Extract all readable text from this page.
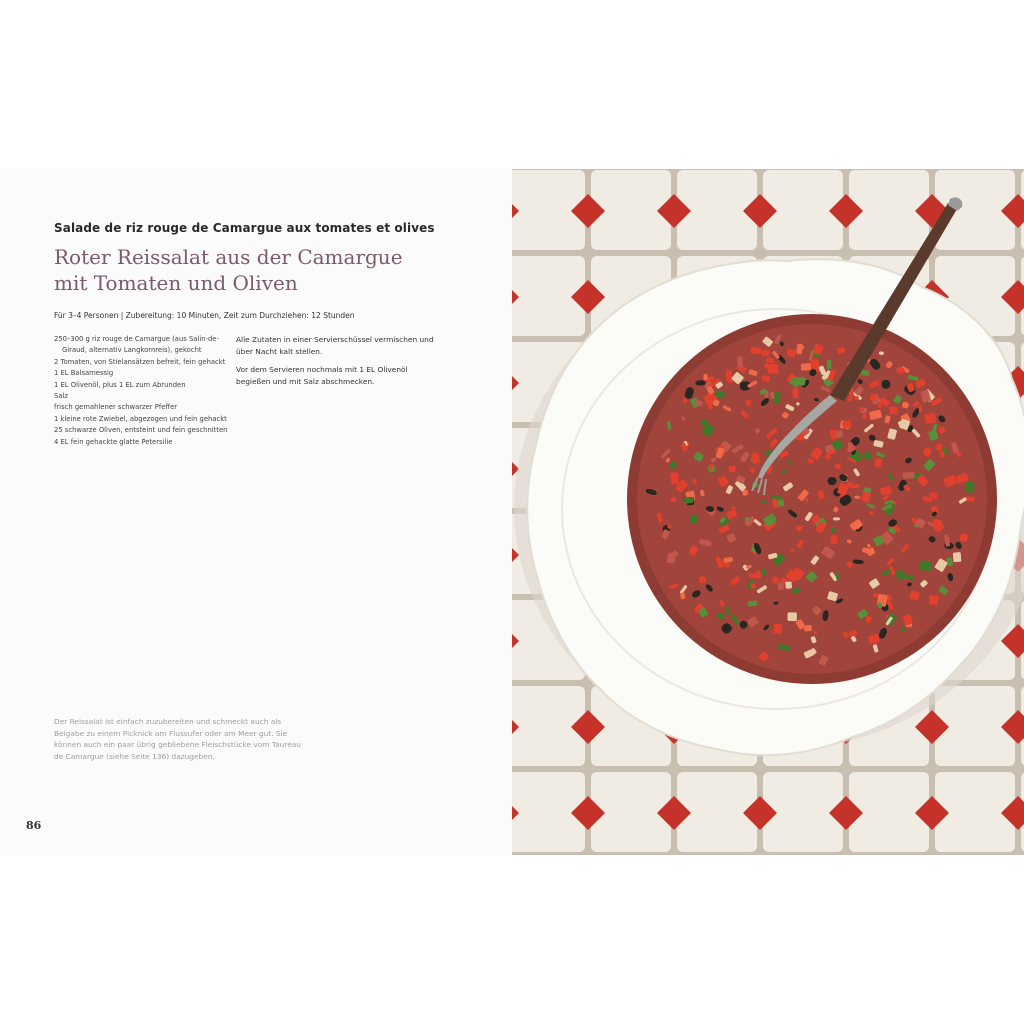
Salade de riz rouge de Camargue aux tomates et olives
Roter Reissalat aus der Camargue
mit Tomaten und Oliven
Für 3–4 Personen | Zubereitung: 10 Minuten, Zeit zum Durchziehen: 12 Stunden
250–300 g riz rouge de Camargue (aus Salin-de-
Giraud, alternativ Langkornreis), gekocht
2 Tomaten, von Stielansätzen befreit, fein gehackt
1 EL Balsamessig
1 EL Olivenöl, plus 1 EL zum Abrunden
Salz
frisch gemahlener schwarzer Pfeffer
1 kleine rote Zwiebel, abgezogen und fein gehackt
25 schwarze Oliven, entsteint und fein geschnitten
4 EL fein gehackte glatte Petersilie

Alle Zutaten in einer Servierschüssel vermischen und über Nacht kalt stellen.

Vor dem Servieren nochmals mit 1 EL Olivenöl begießen und mit Salz abschmecken.

Der Reissalat ist einfach zuzubereiten und schmeckt auch als Beigabe zu einem Picknick am Flussufer oder am Meer gut. Sie können auch ein paar übrig gebliebene Fleischstücke vom Taureau de Camargue (siehe Seite 136) dazugeben.
86
